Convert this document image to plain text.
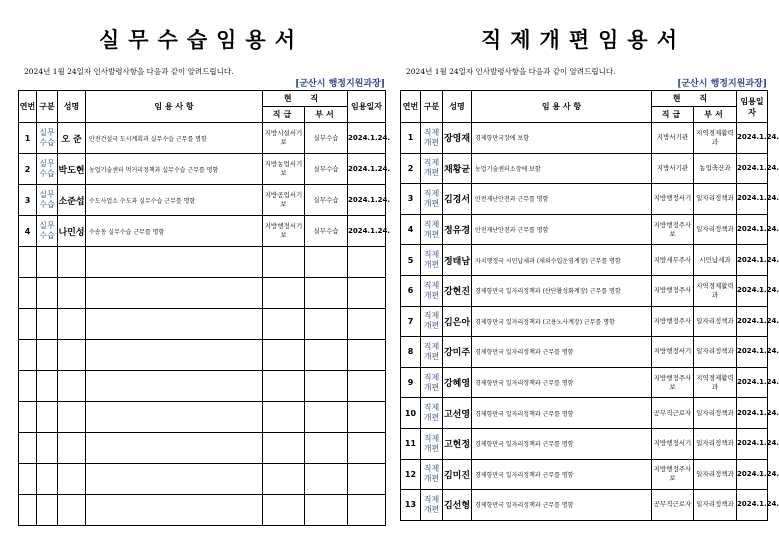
실무수습임용서
2024년 1월 24일자 인사발령사항을 다음과 같이 알려드립니다.
[군산시 행정지원과장]
연번	구분	성명	임 용 사 항	현 직		임용일자
				직급	부서	
1	실무수습	오 준	안전건설국 도시계획과 실무수습 근무를 명함	지방시설서기보	실무수습	2024.1.24.
2	실무수습	박도현	농업기술센터 먹거리정책과 실무수습 근무를 명함	지방농업서기보	실무수습	2024.1.24.
3	실무수습	소준섭	수도사업소 수도과 실무수습 근무를 명함	지방공업서기보	실무수습	2024.1.24.
4	실무수습	나민성	수송동 실무수습 근무를 명함	지방행정서기보	실무수습	2024.1.24.

직제개편임용서
2024년 1월 24일자 인사발령사항을 다음과 같이 알려드립니다.
[군산시 행정지원과장]
연번	구분	성명	임 용 사 항	현 직		임용일자
				직급	부서	
1	직제개편	장영재	경제항만국장에 보함	지방서기관	지역경제활력과	2024.1.24.
2	직제개편	채황균	농업기술센터소장에 보함	지방서기관	농업축산과	2024.1.24.
3	직제개편	김경서	안전재난안전과 근무를 명함	지방행정서기	일자리정책과	2024.1.24.
4	직제개편	정유경	안전재난안전과 근무를 명함	지방행정주사보	일자리정책과	2024.1.24.
5	직제개편	정태남	자치행정국 시민납세과 (세외수입운영계장) 근무를 명함	지방세무주사	시민납세과	2024.1.24.
6	직제개편	강현진	경제항만국 일자리정책과 (산단활성화계장) 근무를 명함	지방행정주사	지역경제활력과	2024.1.24.
7	직제개편	김은아	경제항만국 일자리정책과 (고용노사계장) 근무를 명함	지방행정주사	일자리정책과	2024.1.24.
8	직제개편	강미주	경제항만국 일자리정책과 근무를 명함	지방행정서기	일자리정책과	2024.1.24.
9	직제개편	강혜영	경제항만국 일자리정책과 근무를 명함	지방행정주사보	지역경제활력과	2024.1.24.
10	직제개편	고선영	경제항만국 일자리정책과 근무를 명함	공무직근로자	일자리정책과	2024.1.24.
11	직제개편	고현정	경제항만국 일자리정책과 근무를 명함	지방행정서기	일자리정책과	2024.1.24.
12	직제개편	김미진	경제항만국 일자리정책과 근무를 명함	지방행정주사보	일자리정책과	2024.1.24.
13	직제개편	김선형	경제항만국 일자리정책과 근무를 명함	공무직근로자	일자리정책과	2024.1.24.
